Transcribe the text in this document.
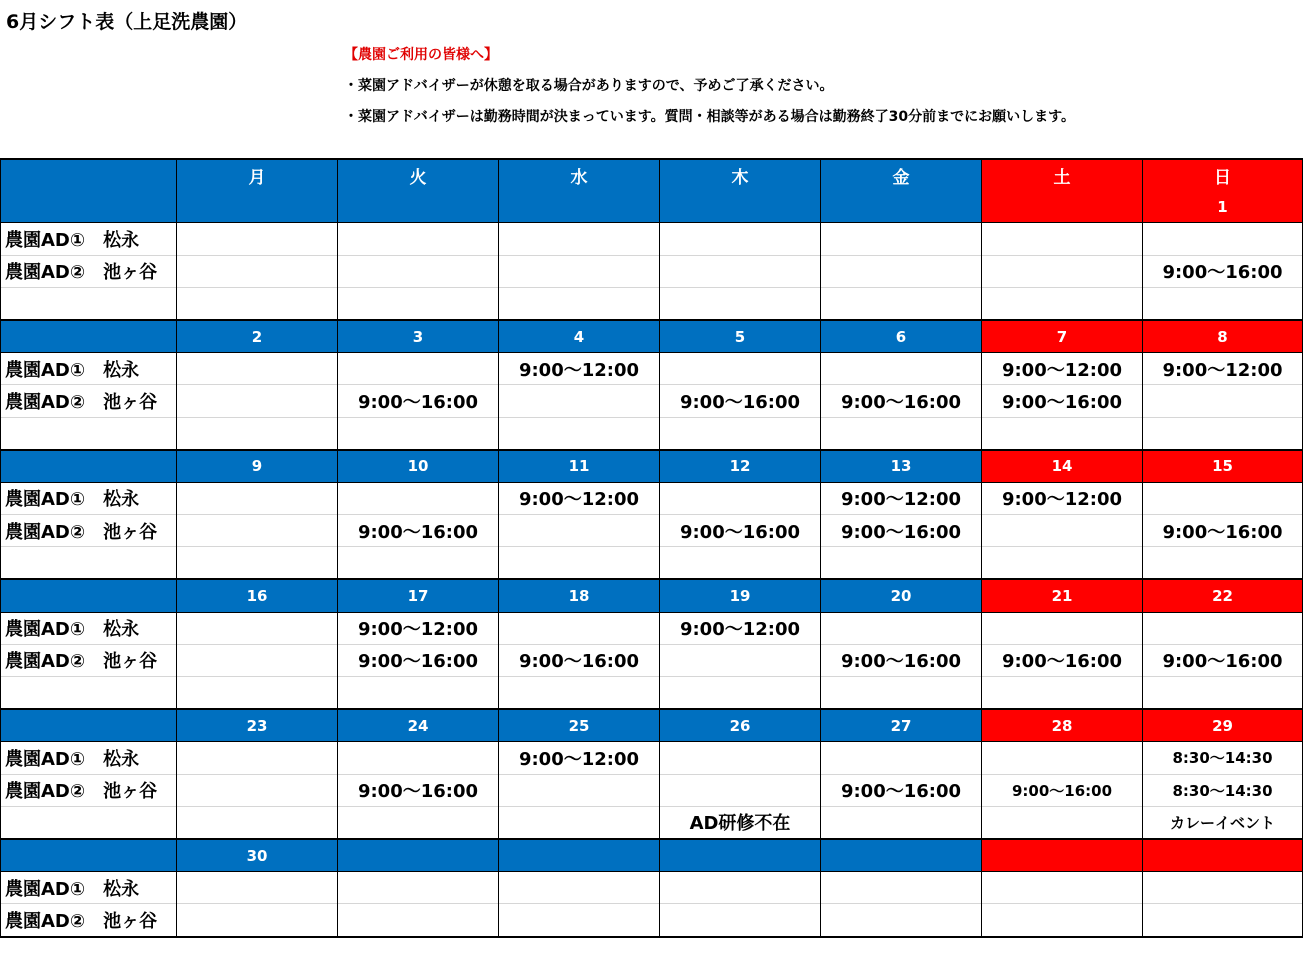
6月シフト表（上足洗農園）
【農園ご利用の皆様へ】
・菜園アドバイザーが休憩を取る場合がありますので、予めご了承ください。
・菜園アドバイザーは勤務時間が決まっています。質問・相談等がある場合は勤務終了30分前までにお願いします。
	月	火	水	木	金	土	日
							1
農園AD①　松永							
農園AD②　池ヶ谷							9:00〜16:00

	2	3	4	5	6	7	8
農園AD①　松永			9:00〜12:00			9:00〜12:00	9:00〜12:00
農園AD②　池ヶ谷		9:00〜16:00		9:00〜16:00	9:00〜16:00	9:00〜16:00	

	9	10	11	12	13	14	15
農園AD①　松永			9:00〜12:00		9:00〜12:00	9:00〜12:00	
農園AD②　池ヶ谷		9:00〜16:00		9:00〜16:00	9:00〜16:00		9:00〜16:00

	16	17	18	19	20	21	22
農園AD①　松永		9:00〜12:00		9:00〜12:00			
農園AD②　池ヶ谷		9:00〜16:00	9:00〜16:00		9:00〜16:00	9:00〜16:00	9:00〜16:00

	23	24	25	26	27	28	29
農園AD①　松永			9:00〜12:00				8:30〜14:30
農園AD②　池ヶ谷		9:00〜16:00			9:00〜16:00	9:00〜16:00	8:30〜14:30
				AD研修不在			カレーイベント
	30						
農園AD①　松永							
農園AD②　池ヶ谷							
